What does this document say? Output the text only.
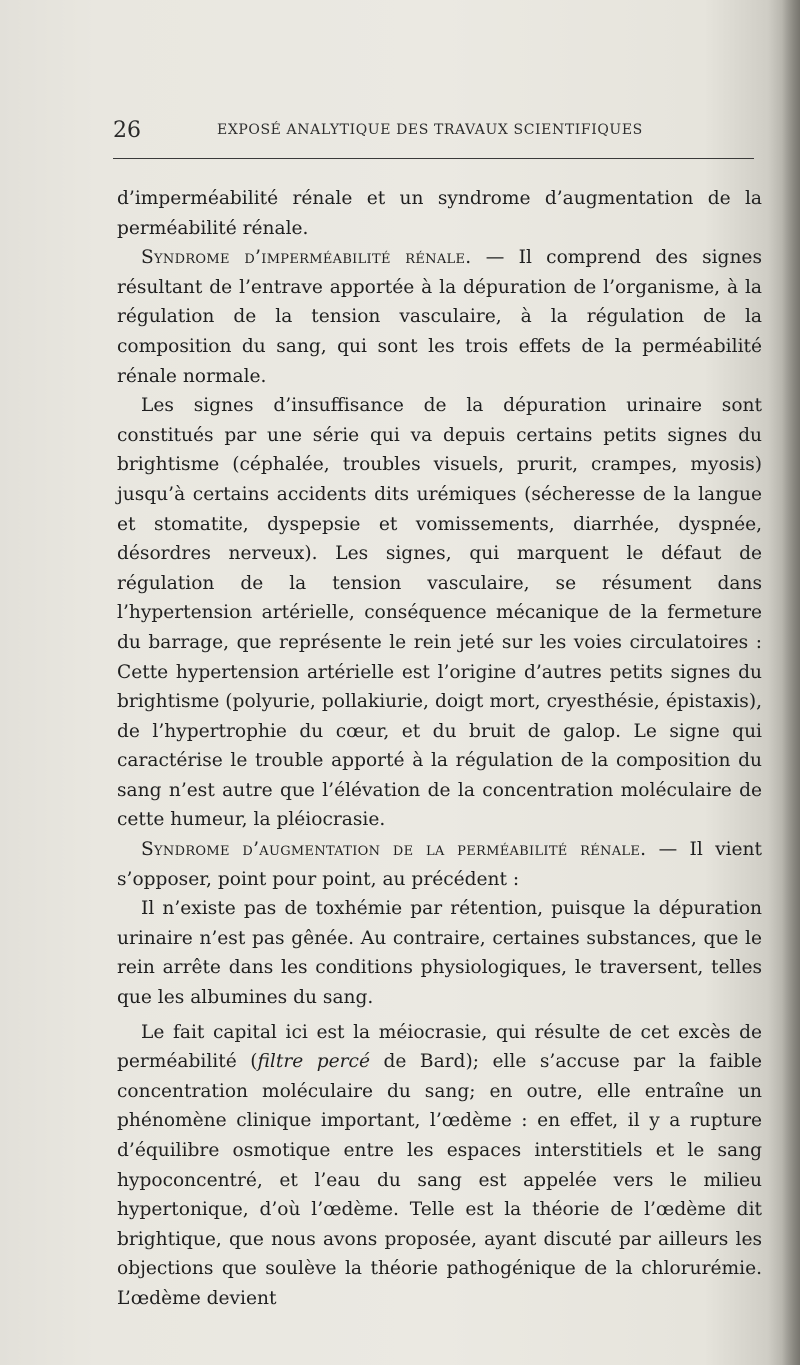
26	EXPOSÉ ANALYTIQUE DES TRAVAUX SCIENTIFIQUES

d’imperméabilité rénale et un syndrome d’augmentation de la perméabilité rénale.

Syndrome d’imperméabilité rénale. — Il comprend des signes résultant de l’entrave apportée à la dépuration de l’organisme, à la régulation de la tension vasculaire, à la régulation de la composition du sang, qui sont les trois effets de la perméabilité rénale normale.

Les signes d’insuffisance de la dépuration urinaire sont constitués par une série qui va depuis certains petits signes du brightisme (céphalée, troubles visuels, prurit, crampes, myosis) jusqu’à certains accidents dits urémiques (sécheresse de la langue et stomatite, dyspepsie et vomissements, diarrhée, dyspnée, désordres nerveux). Les signes, qui marquent le défaut de régulation de la tension vasculaire, se résument dans l’hypertension artérielle, conséquence mécanique de la fermeture du barrage, que représente le rein jeté sur les voies circulatoires : Cette hypertension artérielle est l’origine d’autres petits signes du brightisme (polyurie, pollakiurie, doigt mort, cryesthésie, épistaxis), de l’hypertrophie du cœur, et du bruit de galop. Le signe qui caractérise le trouble apporté à la régulation de la composition du sang n’est autre que l’élévation de la concentration moléculaire de cette humeur, la pléiocrasie.

Syndrome d’augmentation de la perméabilité rénale. — Il vient s’opposer, point pour point, au précédent :

Il n’existe pas de toxhémie par rétention, puisque la dépuration urinaire n’est pas gênée. Au contraire, certaines substances, que le rein arrête dans les conditions physiologiques, le traversent, telles que les albumines du sang.

Le fait capital ici est la méiocrasie, qui résulte de cet excès de perméabilité (filtre percé de Bard); elle s’accuse par la faible concentration moléculaire du sang; en outre, elle entraîne un phénomène clinique important, l’œdème : en effet, il y a rupture d’équilibre osmotique entre les espaces interstitiels et le sang hypoconcentré, et l’eau du sang est appelée vers le milieu hypertonique, d’où l’œdème. Telle est la théorie de l’œdème dit brightique, que nous avons proposée, ayant discuté par ailleurs les objections que soulève la théorie pathogénique de la chlorurémie. L’œdème devient
